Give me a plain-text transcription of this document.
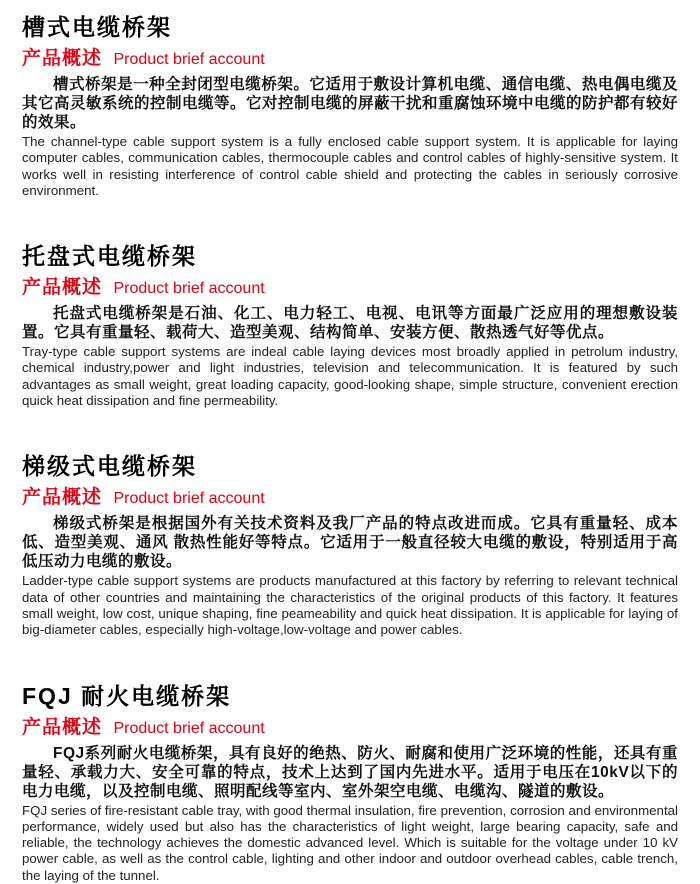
槽式电缆桥架
产品概述 Product brief account

槽式桥架是一种全封闭型电缆桥架。它适用于敷设计算机电缆、通信电缆、热电偶电缆及其它高灵敏系统的控制电缆等。它对控制电缆的屏蔽干扰和重腐蚀环境中电缆的防护都有较好的效果。

The channel-type cable support system is a fully enclosed cable support system. It is applicable for laying computer cables, communication cables, thermocouple cables and control cables of highly-sensitive system. It works well in resisting interference of control cable shield and protecting the cables in seriously corrosive environment.

托盘式电缆桥架
产品概述 Product brief account

托盘式电缆桥架是石油、化工、电力轻工、电视、电讯等方面最广泛应用的理想敷设装置。它具有重量轻、载荷大、造型美观、结构简单、安装方便、散热透气好等优点。

Tray-type cable support systems are indeal cable laying devices most broadly applied in petrolum industry, chemical industry,power and light industries, television and telecommunication. It is featured by such advantages as small weight, great loading capacity, good-looking shape, simple structure, convenient erection quick heat dissipation and fine permeability.

梯级式电缆桥架
产品概述 Product brief account

梯级式桥架是根据国外有关技术资料及我厂产品的特点改进而成。它具有重量轻、成本低、造型美观、通风 散热性能好等特点。它适用于一般直径较大电缆的敷设，特别适用于高低压动力电缆的敷设。

Ladder-type cable support systems are products manufactured at this factory by referring to relevant technical data of other countries and maintaining the characteristics of the original products of this factory. It features small weight, low cost, unique shaping, fine peameability and quick heat dissipation. It is applicable for laying of big-diameter cables, especially high-voltage,low-voltage and power cables.

FQJ 耐火电缆桥架
产品概述 Product brief account

FQJ系列耐火电缆桥架，具有良好的绝热、防火、耐腐和使用广泛环境的性能，还具有重量轻、承载力大、安全可靠的特点，技术上达到了国内先进水平。适用于电压在10kV以下的电力电缆，以及控制电缆、照明配线等室内、室外架空电缆、电缆沟、隧道的敷设。

FQJ series of fire-resistant cable tray, with good thermal insulation, fire prevention, corrosion and environmental performance, widely used but also has the characteristics of light weight, large bearing capacity, safe and reliable, the technology achieves the domestic advanced level. Which is suitable for the voltage under 10 kV power cable, as well as the control cable, lighting and other indoor and outdoor overhead cables, cable trench, the laying of the tunnel.
